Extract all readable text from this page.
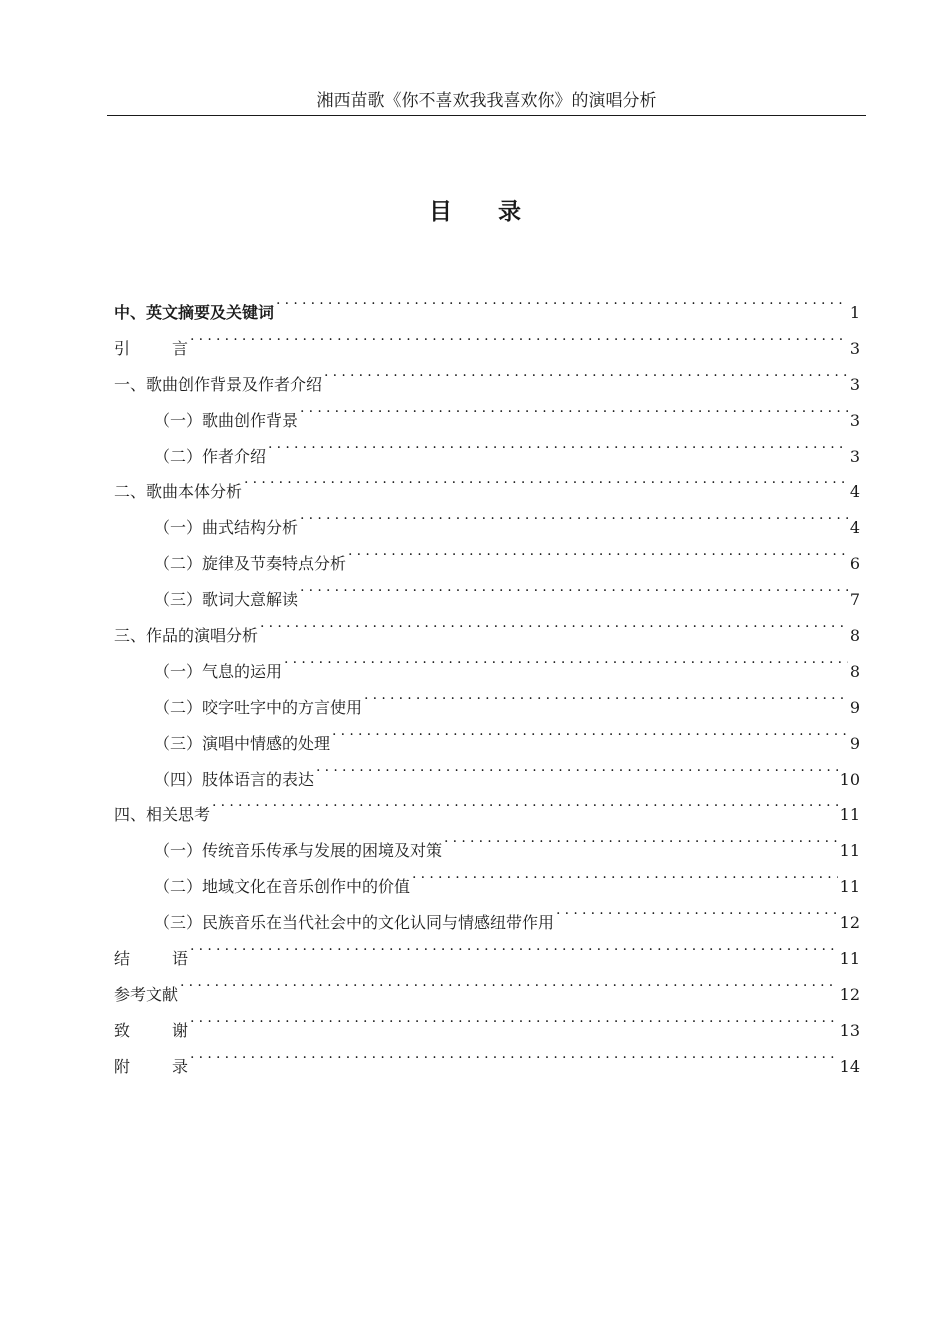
湘西苗歌《你不喜欢我我喜欢你》的演唱分析
目 录
中、英文摘要及关键词 .....	1
引	言 .....	3
一、歌曲创作背景及作者介绍 .....	3
（一）歌曲创作背景 .....	3
（二）作者介绍 .....	3
二、歌曲本体分析 .....	4
（一）曲式结构分析 .....	4
（二）旋律及节奏特点分析 .....	6
（三）歌词大意解读 .....	7
三、作品的演唱分析 .....	8
（一）气息的运用 .....	8
（二）咬字吐字中的方言使用 .....	9
（三）演唱中情感的处理 .....	9
（四）肢体语言的表达 .....	10
四、相关思考 .....	11
（一）传统音乐传承与发展的困境及对策 .....	11
（二）地域文化在音乐创作中的价值 .....	11
（三）民族音乐在当代社会中的文化认同与情感纽带作用 .....	12
结	语 .....	11
参考文献 .....	12
致	谢 .....	13
附	录 .....	14
